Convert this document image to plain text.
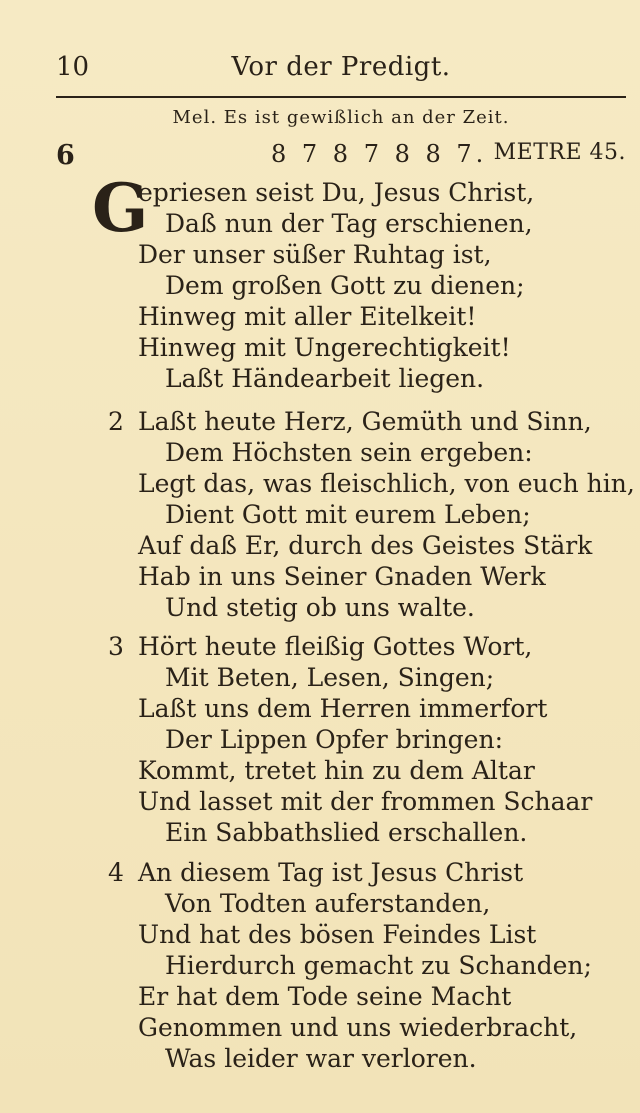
10	Vor der Predigt.
Mel. Es ist gewißlich an der Zeit.
6	8 7 8 7 8 8 7. METRE 45.
G
epriesen seist Du, Jesus Christ,
Daß nun der Tag erschienen,
Der unser süßer Ruhtag ist,
Dem großen Gott zu dienen;
Hinweg mit aller Eitelkeit!
Hinweg mit Ungerechtigkeit!
Laßt Händearbeit liegen.
2 Laßt heute Herz, Gemüth und Sinn,
Dem Höchsten sein ergeben:
Legt das, was fleischlich, von euch hin,
Dient Gott mit eurem Leben;
Auf daß Er, durch des Geistes Stärk
Hab in uns Seiner Gnaden Werk
Und stetig ob uns walte.
3 Hört heute fleißig Gottes Wort,
Mit Beten, Lesen, Singen;
Laßt uns dem Herren immerfort
Der Lippen Opfer bringen:
Kommt, tretet hin zu dem Altar
Und lasset mit der frommen Schaar
Ein Sabbathslied erschallen.
4 An diesem Tag ist Jesus Christ
Von Todten auferstanden,
Und hat des bösen Feindes List
Hierdurch gemacht zu Schanden;
Er hat dem Tode seine Macht
Genommen und uns wiederbracht,
Was leider war verloren.
